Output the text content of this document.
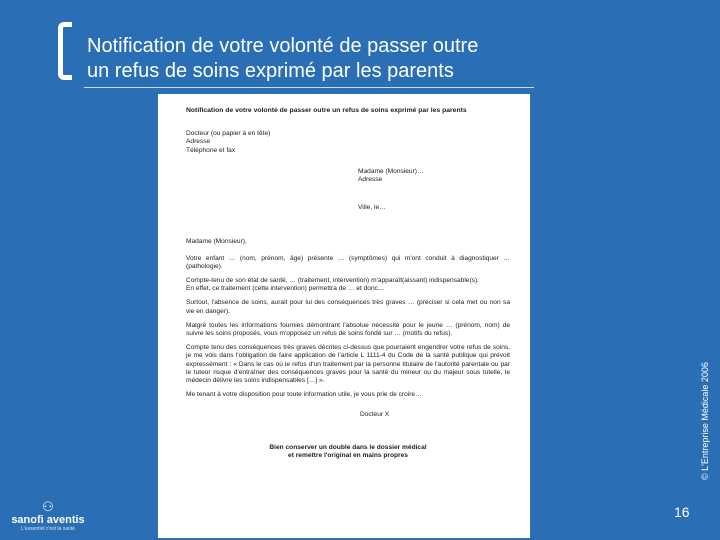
Notification de votre volonté de passer outre
un refus de soins exprimé par les parents

Notification de votre volonté de passer outre un refus de soins exprimé par les parents

Docteur (ou papier à en tête)

Adresse

Téléphone et fax

Madame (Monsieur)…

Adresse

Ville, le…

Madame (Monsieur),

Votre enfant … (nom, prénom, âge) présente … (symptômes) qui m'ont conduit à diagnostiquer … (pathologie).

Compte-tenu de son état de santé, … (traitement, intervention) m'apparaît(aissant) indispensable(s).

En effet, ce traitement (cette intervention) permettra de … et donc…

Surtout, l'absence de soins, aurait pour lui des conséquences très graves … (préciser si cela met ou non sa vie en danger).

Malgré toutes les informations fournies démontrant l'absolue nécessité pour le jeune … (prénom, nom) de suivre les soins proposés, vous m'opposez un refus de soins fondé sur … (motifs du refus).

Compte tenu des conséquences très graves décrites ci-dessus que pourraient engendrer votre refus de soins, je me vois dans l'obligation de faire application de l'article L 1111-4 du Code de la santé publique qui prévoit expressément : « Dans le cas où le refus d'un traitement par la personne titulaire de l'autorité parentale ou par le tuteur risque d'entraîner des conséquences graves pour la santé du mineur ou du majeur sous tutelle, le médecin délivre les soins indispensables […] ».

Me tenant à votre disposition pour toute information utile, je vous prie de croire…

Docteur X

Bien conserver un double dans le dossier médical

et remettre l'original en mains propres	© L'Entreprise Médicale 2006
16
⚇
sanofi aventis
L'essentiel c'est la santé
